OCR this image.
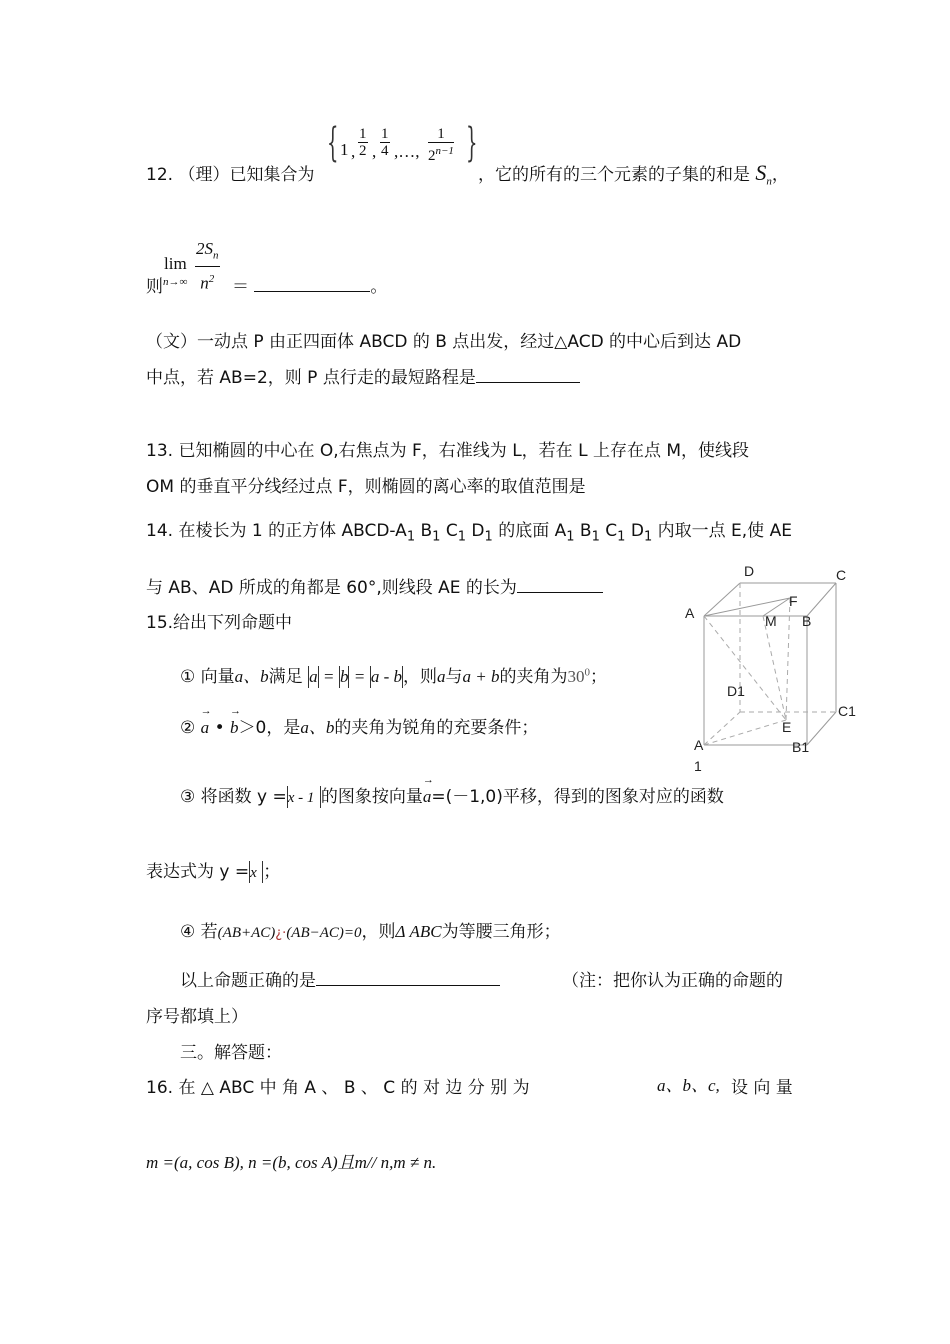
12. （理）已知集合为
{ 1 , $\frac{1}{2}$ , $\frac{1}{4}$ ,…, $\frac{1}{2^{n-1}}$ }
，它的所有的三个元素的子集的和是 $S_n$，
lim
则 $n\to\infty \frac{2S_n}{n^2}$ ＝	。
（文）一动点 P 由正四面体 ABCD 的 B 点出发，经过△ACD 的中心后到达 AD
中点，若 AB=2，则 P 点行走的最短路程是
13. 已知椭圆的中心在 O,右焦点为 F，右准线为 L，若在 L 上存在点 M，使线段
OM 的垂直平分线经过点 F，则椭圆的离心率的取值范围是
14. 在棱长为 1 的正方体 ABCD-$A_1$ $B_1$ $C_1$ $D_1$ 的底面 $A_1$ $B_1$ $C_1$ $D_1$ 内取一点 E,使 AE
与 AB、AD 所成的角都是 60°,则线段 AE 的长为
D	C
F
A	M B
D1
C1
E
A
1
B1
15.给出下列命题中
① 向量a、b满足 a = b = a - b，则a与a + b的夹角为$30^0$；
② → a • → b＞0，是a、b的夹角为锐角的充要条件；
③ 将函数 y =x - 1 的图象按向量→ a=(－1,0)平移，得到的图象对应的函数
表达式为 y =x ；
④ 若(AB+AC)¿·(AB−AC)=0，则Δ ABC为等腰三角形；
以上命题正确的是	（注：把你认为正确的命题的
序号都填上）
三。解答题：
16. 在 △ ABC 中 角 A 、 B 、 C 的 对 边 分 别 为	a、b、c, 设 向 量
m =(a, cos B), n =(b, cos A)且m// n,m ≠ n.
